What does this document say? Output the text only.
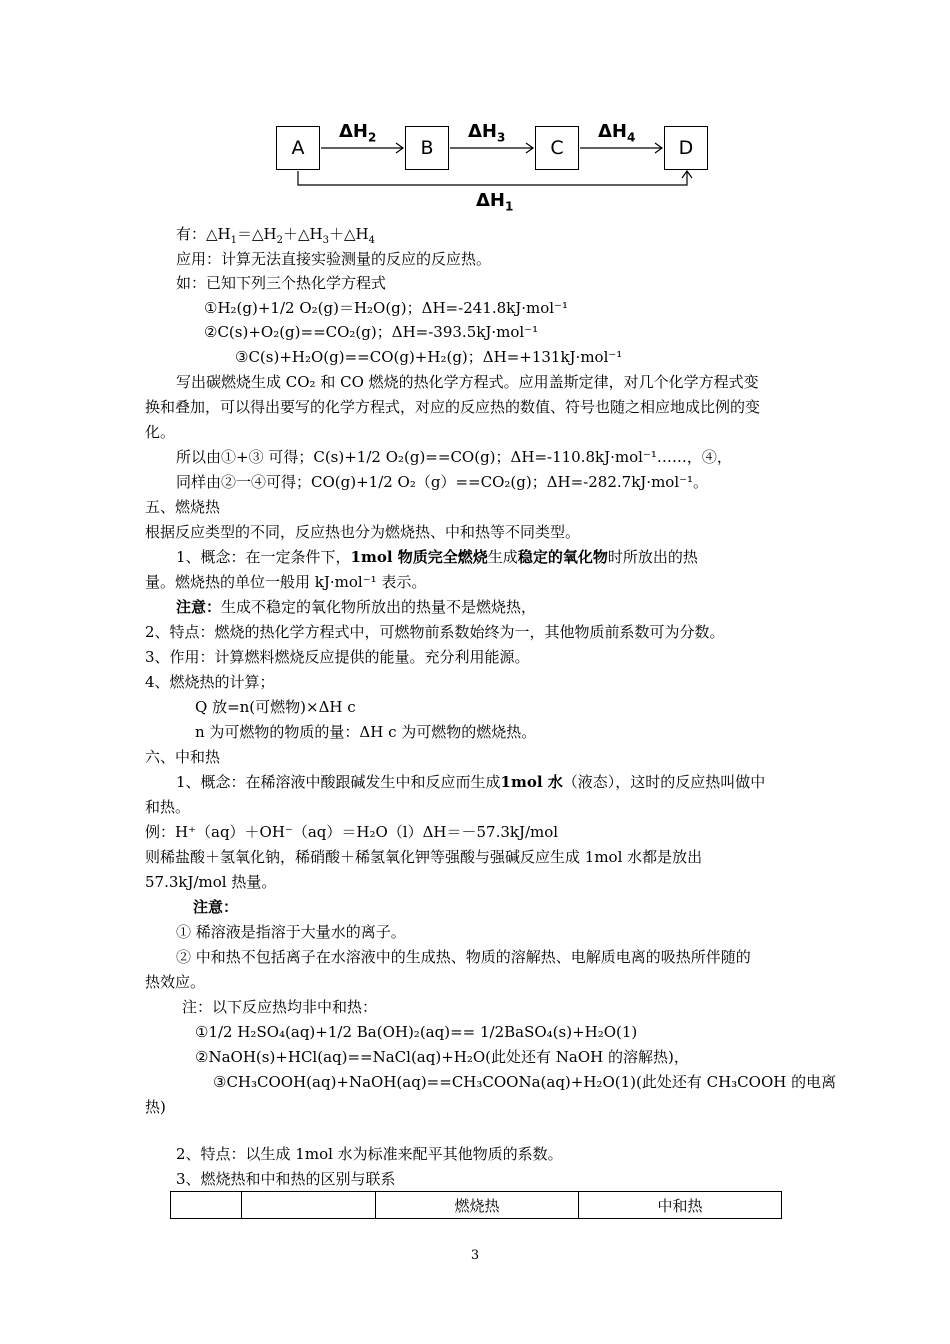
A	B	C	D
$\Delta H_2$	$\Delta H_3$	$\Delta H_4$
$\Delta H_1$
有：$\triangle H_1=\triangle H_2+\triangle H_3+\triangle H_4$
应用：计算无法直接实验测量的反应的反应热。
如：已知下列三个热化学方程式
①H₂(g)+1/2 O₂(g)＝H₂O(g)；ΔH=-241.8kJ·mol⁻¹
②C(s)+O₂(g)==CO₂(g)；ΔH=-393.5kJ·mol⁻¹
③C(s)+H₂O(g)==CO(g)+H₂(g)；ΔH=+131kJ·mol⁻¹
写出碳燃烧生成 CO₂ 和 CO 燃烧的热化学方程式。应用盖斯定律，对几个化学方程式变
换和叠加，可以得出要写的化学方程式，对应的反应热的数值、符号也随之相应地成比例的变
化。
所以由①+③ 可得；C(s)+1/2 O₂(g)==CO(g)；ΔH=-110.8kJ·mol⁻¹……，④，
同样由②一④可得；CO(g)+1/2 O₂（g）==CO₂(g)；ΔH=-282.7kJ·mol⁻¹。
五、燃烧热
根据反应类型的不同，反应热也分为燃烧热、中和热等不同类型。
1、概念：在一定条件下，1mol 物质完全燃烧生成稳定的氧化物时所放出的热
量。燃烧热的单位一般用 kJ·mol⁻¹ 表示。
注意：生成不稳定的氧化物所放出的热量不是燃烧热，
2、特点：燃烧的热化学方程式中，可燃物前系数始终为一，其他物质前系数可为分数。
3、作用：计算燃料燃烧反应提供的能量。充分利用能源。
4、燃烧热的计算；
Q 放=n(可燃物)×ΔH c
n 为可燃物的物质的量：ΔH c 为可燃物的燃烧热。
六、中和热
1、概念：在稀溶液中酸跟碱发生中和反应而生成1mol 水（液态），这时的反应热叫做中
和热。
例：H⁺（aq）＋OH⁻（aq）＝H₂O（l）ΔH＝－57.3kJ/mol
则稀盐酸＋氢氧化钠，稀硝酸＋稀氢氧化钾等强酸与强碱反应生成 1mol 水都是放出
57.3kJ/mol 热量。
注意：
① 稀溶液是指溶于大量水的离子。
② 中和热不包括离子在水溶液中的生成热、物质的溶解热、电解质电离的吸热所伴随的
热效应。
注：以下反应热均非中和热：
①1/2 H₂SO₄(aq)+1/2 Ba(OH)₂(aq)== 1/2BaSO₄(s)+H₂O(1)
②NaOH(s)+HCl(aq)==NaCl(aq)+H₂O(此处还有 NaOH 的溶解热)，
③CH₃COOH(aq)+NaOH(aq)==CH₃COONa(aq)+H₂O(1)(此处还有 CH₃COOH 的电离
热)
2、特点：以生成 1mol 水为标准来配平其他物质的系数。
3、燃烧热和中和热的区别与联系
		燃烧热	中和热
3
